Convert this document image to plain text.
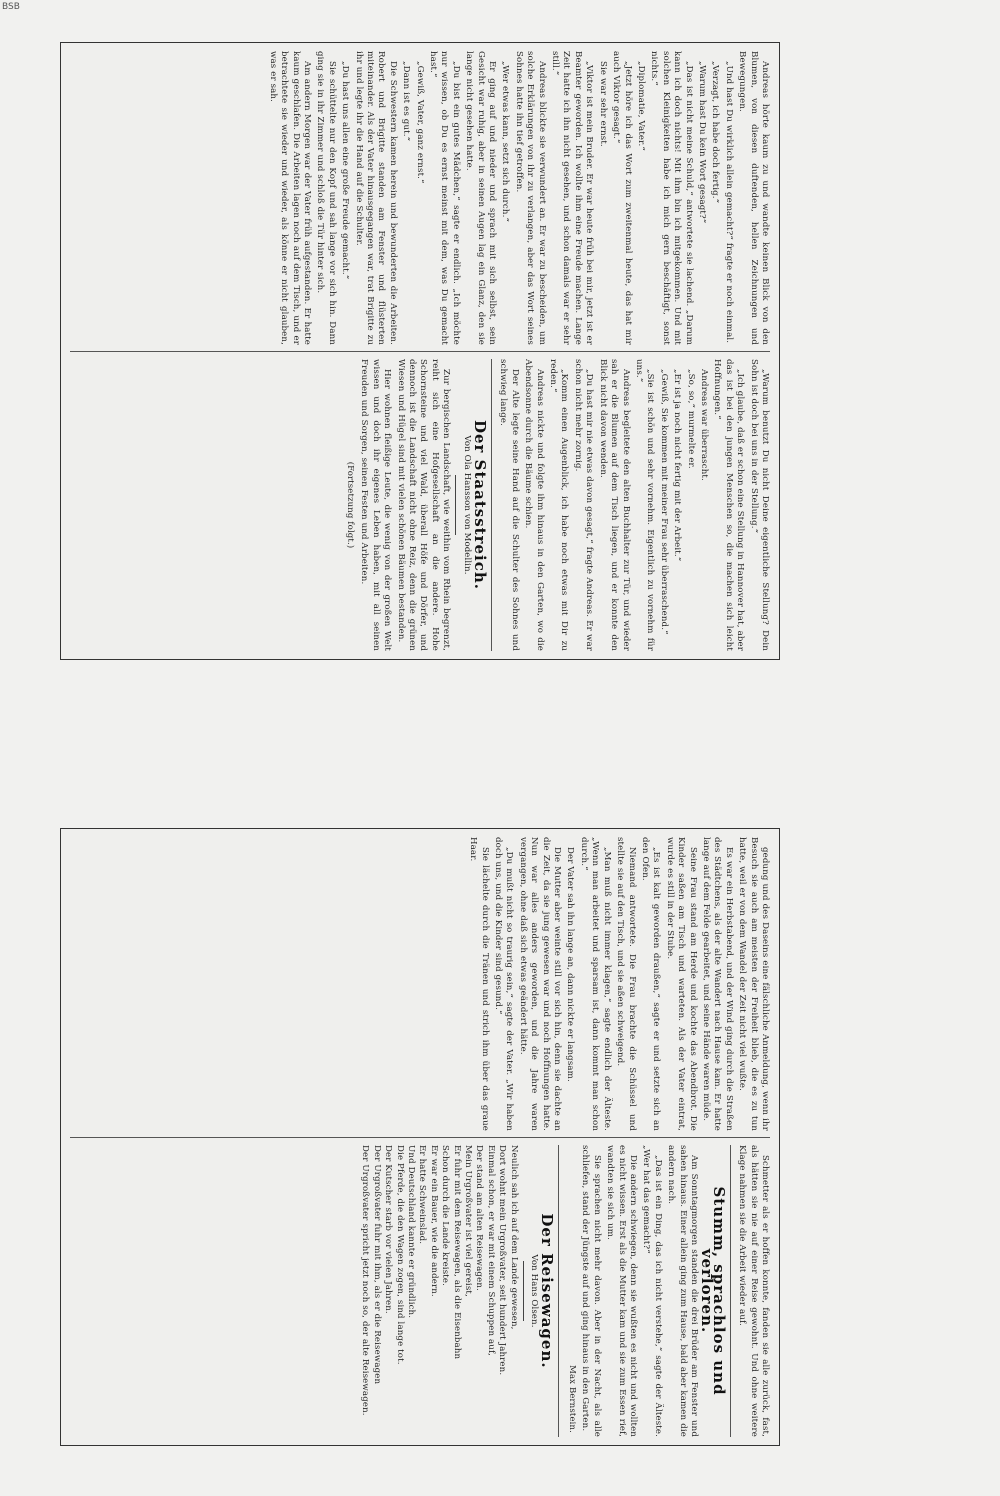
BSB

Andreas hörte kaum zu und wandte keinen Blick von den Blumen, von diesen duftenden, hellen Zeichnungen und Bewegungen.

„Und hast Du wirklich allein gemacht?“ fragte er noch einmal.

„Verzagt, ich habe doch fertig.“

„Warum hast Du kein Wort gesagt?“

„Das ist nicht meine Schuld,“ antwortete sie lachend. „Darum kann ich doch nichts! Mit ihm bin ich mitgekommen. Und mit solchen Kleinigkeiten habe ich mich gern beschäftigt, sonst nichts.“

„Diplomatie, Vater.“

„Jetzt höre ich das Wort zum zweitenmal heute, das hat mir auch Viktor gesagt.“

Sie war sehr ernst.

„Viktor ist mein Bruder. Er war heute früh bei mir, jetzt ist er Beamter geworden. Ich wollte ihm eine Freude machen. Lange Zeit hatte ich ihn nicht gesehen, und schon damals war er sehr still.“

Andreas blickte sie verwundert an. Er war zu bescheiden, um solche Erklärungen von ihr zu verlangen, aber das Wort seines Sohnes hatte ihn tief getroffen.

„Wer etwas kann, setzt sich durch.“

Er ging auf und nieder und sprach mit sich selbst, sein Gesicht war ruhig, aber in seinen Augen lag ein Glanz, den sie lange nicht gesehen hatte.

„Du bist ein gutes Mädchen,“ sagte er endlich. „Ich möchte nur wissen, ob Du es ernst meinst mit dem, was Du gemacht hast.“

„Gewiß, Vater, ganz ernst.“

„Dann ist es gut.“

Die Schwestern kamen herein und bewunderten die Arbeiten. Robert und Brigitte standen am Fenster und flüsterten miteinander. Als der Vater hinausgegangen war, trat Brigitte zu ihr und legte ihr die Hand auf die Schulter.

„Du hast uns allen eine große Freude gemacht.“

Sie schüttelte nur den Kopf und sah lange vor sich hin. Dann ging sie in ihr Zimmer und schloß die Tür hinter sich.

Am andern Morgen war der Vater früh aufgestanden. Er hatte kaum geschlafen. Die Arbeiten lagen noch auf dem Tisch, und er betrachtete sie wieder und wieder, als könne er nicht glauben, was er sah.

„Warum benutzt Du nicht Deine eigentliche Stellung? Dein Sohn ist doch bei uns in der Stellung.“

„Ich glaube, daß er schon eine Stellung in Hannover hat, aber das ist bei den jungen Menschen so, die machen sich leicht Hoffnungen.“

Andreas war überrascht.

„So, so,“ murmelte er.

„Er ist ja noch nicht fertig mit der Arbeit.“

„Gewiß, Sie kommen mit meiner Frau sehr überraschend.“

„Sie ist schön und sehr vornehm. Eigentlich zu vornehm für uns.“

Andreas begleitete den alten Buchhalter zur Tür, und wieder sah er die Blumen auf dem Tisch liegen, und er konnte den Blick nicht davon wenden.

„Du hast mir nie etwas davon gesagt,“ fragte Andreas. Er war schon nicht mehr zornig.

„Komm einen Augenblick, ich habe noch etwas mit Dir zu reden.“

Andreas nickte und folgte ihm hinaus in den Garten, wo die Abendsonne durch die Bäume schien.

Der Alte legte seine Hand auf die Schulter des Sohnes und schwieg lange.

Der Staatsstreich.
Von Ola Hansson von Modellin.

Zur bergischen Landschaft, wie weithin vom Rhein begrenzt, reiht sich eine Hofgesellschaft an die andere. Hohe Schornsteine und viel Wald, überall Höfe und Dörfer, und dennoch ist die Landschaft nicht ohne Reiz, denn die grünen Wiesen und Hügel sind mit vielen schönen Bäumen bestanden.

Hier wohnen fleißige Leute, die wenig von der großen Welt wissen und doch ihr eigenes Leben haben, mit all seinen Freuden und Sorgen, seinen Festen und Arbeiten.

(Fortsetzung folgt.)

gedung und des Daseins eine fälschliche Anmeldung, wenn ihr Besuch sie auch am meisten der Freiheit blieb, die es zu tun hatte, weil er von dem Wandel der Zeit nicht viel wußte.

Es war ein Herbstabend, und der Wind ging durch die Straßen des Städtchens, als der alte Wandert nach Hause kam. Er hatte lange auf dem Felde gearbeitet, und seine Hände waren müde.

Seine Frau stand am Herde und kochte das Abendbrot. Die Kinder saßen am Tisch und warteten. Als der Vater eintrat, wurde es still in der Stube.

„Es ist kalt geworden draußen,“ sagte er und setzte sich an den Ofen.

Niemand antwortete. Die Frau brachte die Schüssel und stellte sie auf den Tisch, und sie aßen schweigend.

„Man muß nicht immer klagen,“ sagte endlich der Älteste. „Wenn man arbeitet und sparsam ist, dann kommt man schon durch.“

Der Vater sah ihn lange an, dann nickte er langsam.

Die Mutter aber weinte still vor sich hin, denn sie dachte an die Zeit, da sie jung gewesen war und noch Hoffnungen hatte. Nun war alles anders geworden, und die Jahre waren vergangen, ohne daß sich etwas geändert hätte.

„Du mußt nicht so traurig sein,“ sagte der Vater. „Wir haben doch uns, und die Kinder sind gesund.“

Sie lächelte durch die Tränen und strich ihm über das graue Haar.

Schmetter als er hoffen konnte, fanden sie alle zurück, fast, als hätten sie nie auf einer Reise gewohnt. Und ohne weitere Klage nahmen sie die Arbeit wieder auf.

Stumm, sprachlos und verloren.

Am Sonntagmorgen standen die drei Brüder am Fenster und sahen hinaus. Einer allein ging zum Hause, bald aber kamen die andern nach.

„Das ist ein Ding, das ich nicht verstehe,“ sagte der Älteste. „Wer hat das gemacht?“

Die andern schwiegen, denn sie wußten es nicht und wollten es nicht wissen. Erst als die Mutter kam und sie zum Essen rief, wandten sie sich um.

Sie sprachen nicht mehr davon. Aber in der Nacht, als alle schliefen, stand der Jüngste auf und ging hinaus in den Garten.

Max Bernstein.
Der Reisewagen.
Von Hans Olsen.

Neulich sah ich auf dem Lande gewesen,

Dort wohnt mein Urgroßvater, seit hundert Jahren.

Einmal schon, er war mit einem Schuppen auf,

Der stand am alten Reisewagen.

Mein Urgroßvater ist viel gereist,

Er fuhr mit dem Reisewagen, als die Eisenbahn

Schon durch die Lande kreiste.

Er war ein Bauer, wie die andern.

Er hatte Schweinslad.

Und Deutschland kannte er gründlich.

Die Pferde, die den Wagen zogen, sind lange tot.

Der Kutscher starb vor vielen Jahren.

Der Urgroßvater fuhr mit ihm, als er die Reisewagen

Der Urgroßvater spricht jetzt noch so, der alte Reisewagen.
